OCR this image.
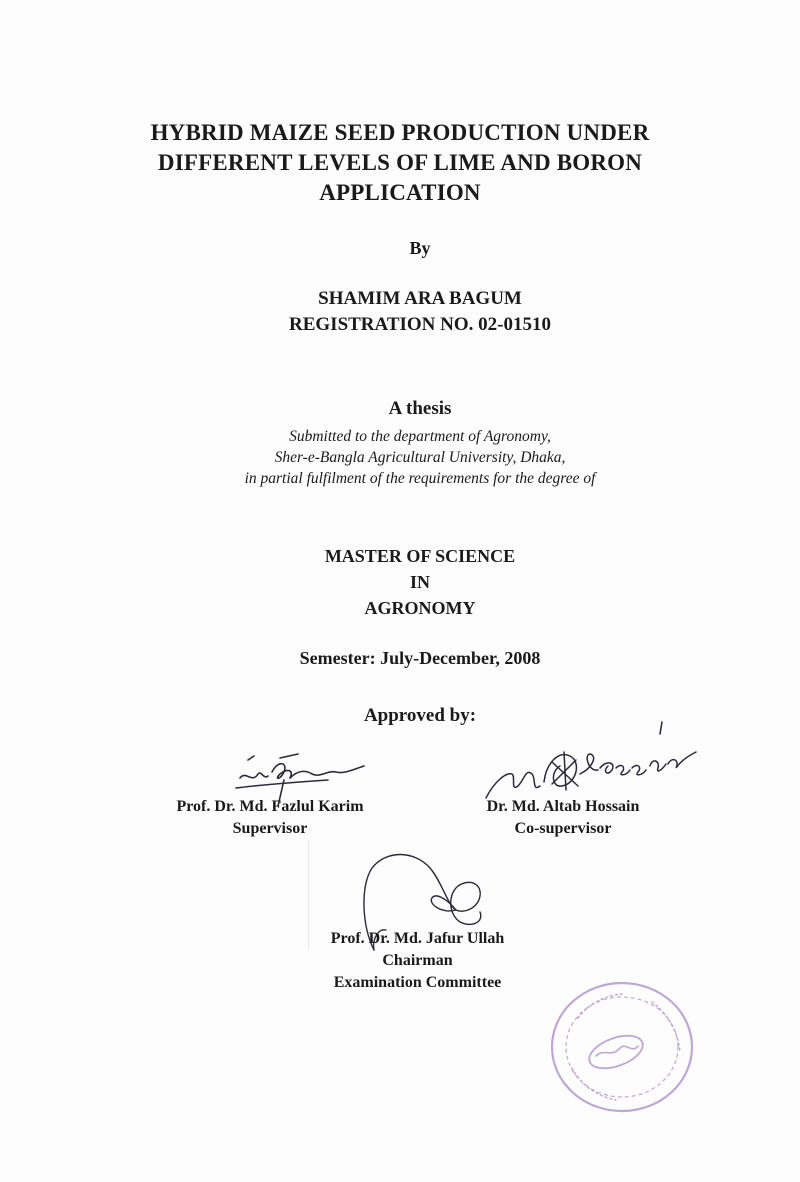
HYBRID MAIZE SEED PRODUCTION UNDER
DIFFERENT LEVELS OF LIME AND BORON
APPLICATION
By
SHAMIM ARA BAGUM
REGISTRATION NO. 02-01510
A thesis
Submitted to the department of Agronomy,
Sher-e-Bangla Agricultural University, Dhaka,
in partial fulfilment of the requirements for the degree of
MASTER OF SCIENCE
IN
AGRONOMY
Semester: July-December, 2008
Approved by:
Prof. Dr. Md. Fazlul Karim
Supervisor
Dr. Md. Altab Hossain
Co-supervisor
Prof. Dr. Md. Jafur Ullah
Chairman
Examination Committee
